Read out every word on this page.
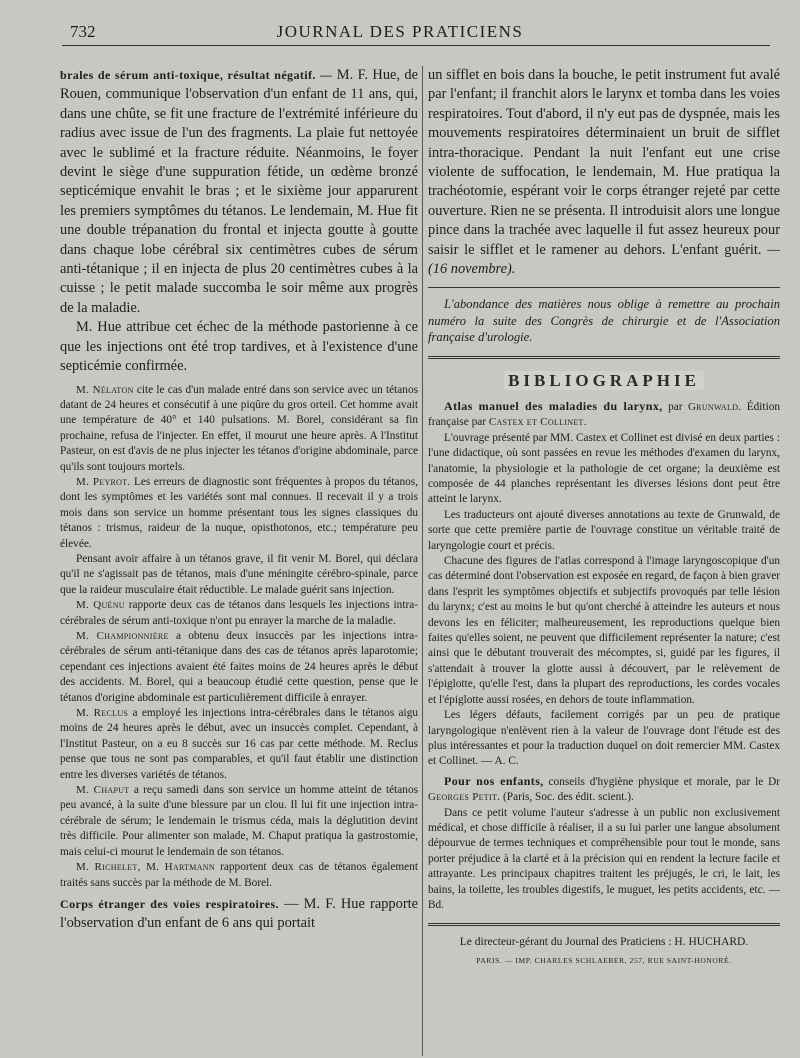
732	JOURNAL DES PRATICIENS

brales de sérum anti-toxique, résultat négatif. — M. F. Hue, de Rouen, communique l'observation d'un enfant de 11 ans, qui, dans une chûte, se fit une fracture de l'extrémité inférieure du radius avec issue de l'un des fragments. La plaie fut nettoyée avec le sublimé et la fracture réduite. Néanmoins, le foyer devint le siège d'une suppuration fétide, un œdème bronzé septicémique envahit le bras ; et le sixième jour apparurent les premiers symptômes du tétanos. Le lendemain, M. Hue fit une double trépanation du frontal et injecta goutte à goutte dans chaque lobe cérébral six centimètres cubes de sérum anti-tétanique ; il en injecta de plus 20 centimètres cubes à la cuisse ; le petit malade succomba le soir même aux progrès de la maladie.

M. Hue attribue cet échec de la méthode pastorienne à ce que les injections ont été trop tardives, et à l'existence d'une septicémie confirmée.

M. Nélaton cite le cas d'un malade entré dans son service avec un tétanos datant de 24 heures et consécutif à une piqûre du gros orteil. Cet homme avait une température de 40° et 140 pulsations. M. Borel, considérant sa fin prochaine, refusa de l'injecter. En effet, il mourut une heure après. A l'Institut Pasteur, on est d'avis de ne plus injecter les tétanos d'origine abdominale, parce qu'ils sont toujours mortels.

M. Peyrot. Les erreurs de diagnostic sont fréquentes à propos du tétanos, dont les symptômes et les variétés sont mal connues. Il recevait il y a trois mois dans son service un homme présentant tous les signes classiques du tétanos : trismus, raideur de la nuque, opisthotonos, etc.; température peu élevée.

Pensant avoir affaire à un tétanos grave, il fit venir M. Borel, qui déclara qu'il ne s'agissait pas de tétanos, mais d'une méningite cérébro-spinale, parce que la raideur musculaire était réductible. Le malade guérit sans injection.

M. Quénu rapporte deux cas de tétanos dans lesquels les injections intra-cérébrales de sérum anti-toxique n'ont pu enrayer la marche de la maladie.

M. Championnière a obtenu deux insuccès par les injections intra-cérébrales de sérum anti-tétanique dans des cas de tétanos après laparotomie; cependant ces injections avaient été faites moins de 24 heures après le début des accidents. M. Borel, qui a beaucoup étudié cette question, pense que le tétanos d'origine abdominale est particulièrement difficile à enrayer.

M. Reclus a employé les injections intra-cérébrales dans le tétanos aigu moins de 24 heures après le début, avec un insuccès complet. Cependant, à l'Institut Pasteur, on a eu 8 succès sur 16 cas par cette méthode. M. Reclus pense que tous ne sont pas comparables, et qu'il faut établir une distinction entre les diverses variétés de tétanos.

M. Chaput a reçu samedi dans son service un homme atteint de tétanos peu avancé, à la suite d'une blessure par un clou. Il lui fit une injection intra-cérébrale de sérum; le lendemain le trismus céda, mais la déglutition devint très difficile. Pour alimenter son malade, M. Chaput pratiqua la gastrostomie, mais celui-ci mourut le lendemain de son tétanos.

M. Richelet, M. Hartmann rapportent deux cas de tétanos également traités sans succès par la méthode de M. Borel.

Corps étranger des voies respiratoires. — M. F. Hue rapporte l'observation d'un enfant de 6 ans qui portait

un sifflet en bois dans la bouche, le petit instrument fut avalé par l'enfant; il franchit alors le larynx et tomba dans les voies respiratoires. Tout d'abord, il n'y eut pas de dyspnée, mais les mouvements respiratoires déterminaient un bruit de sifflet intra-thoracique. Pendant la nuit l'enfant eut une crise violente de suffocation, le lendemain, M. Hue pratiqua la trachéotomie, espérant voir le corps étranger rejeté par cette ouverture. Rien ne se présenta. Il introduisit alors une longue pince dans la trachée avec laquelle il fut assez heureux pour saisir le sifflet et le ramener au dehors. L'enfant guérit. — (16 novembre).

L'abondance des matières nous oblige à remettre au prochain numéro la suite des Congrès de chirurgie et de l'Association française d'urologie.

BIBLIOGRAPHIE

Atlas manuel des maladies du larynx, par Grunwald. Édition française par Castex et Collinet.

L'ouvrage présenté par MM. Castex et Collinet est divisé en deux parties : l'une didactique, où sont passées en revue les méthodes d'examen du larynx, l'anatomie, la physiologie et la pathologie de cet organe; la deuxième est composée de 44 planches représentant les diverses lésions dont peut être atteint le larynx.

Les traducteurs ont ajouté diverses annotations au texte de Grunwald, de sorte que cette première partie de l'ouvrage constitue un véritable traité de laryngologie court et précis.

Chacune des figures de l'atlas correspond à l'image laryngoscopique d'un cas déterminé dont l'observation est exposée en regard, de façon à bien graver dans l'esprit les symptômes objectifs et subjectifs provoqués par telle lésion du larynx; c'est au moins le but qu'ont cherché à atteindre les auteurs et nous devons les en féliciter; malheureusement, les reproductions quelque bien faites qu'elles soient, ne peuvent que difficilement représenter la nature; c'est ainsi que le débutant trouverait des mécomptes, si, guidé par les figures, il s'attendait à trouver la glotte aussi à découvert, par le relèvement de l'épiglotte, qu'elle l'est, dans la plupart des reproductions, les cordes vocales et l'épiglotte aussi rosées, en dehors de toute inflammation.

Les légers défauts, facilement corrigés par un peu de pratique laryngologique n'enlèvent rien à la valeur de l'ouvrage dont l'étude est des plus intéressantes et pour la traduction duquel on doit remercier MM. Castex et Collinet. — A. C.

Pour nos enfants, conseils d'hygiène physique et morale, par le Dr Georges Petit. (Paris, Soc. des édit. scient.).

Dans ce petit volume l'auteur s'adresse à un public non exclusivement médical, et chose difficile à réaliser, il a su lui parler une langue absolument dépourvue de termes techniques et compréhensible pour tout le monde, sans porter préjudice à la clarté et à la précision qui en rendent la lecture facile et attrayante. Les principaux chapitres traitent les préjugés, le cri, le lait, les bains, la toilette, les troubles digestifs, le muguet, les petits accidents, etc. — Bd.

Le directeur-gérant du Journal des Praticiens : H. HUCHARD.
PARIS. — IMP. CHARLES SCHLAEBER, 257, RUE SAINT-HONORÉ.
